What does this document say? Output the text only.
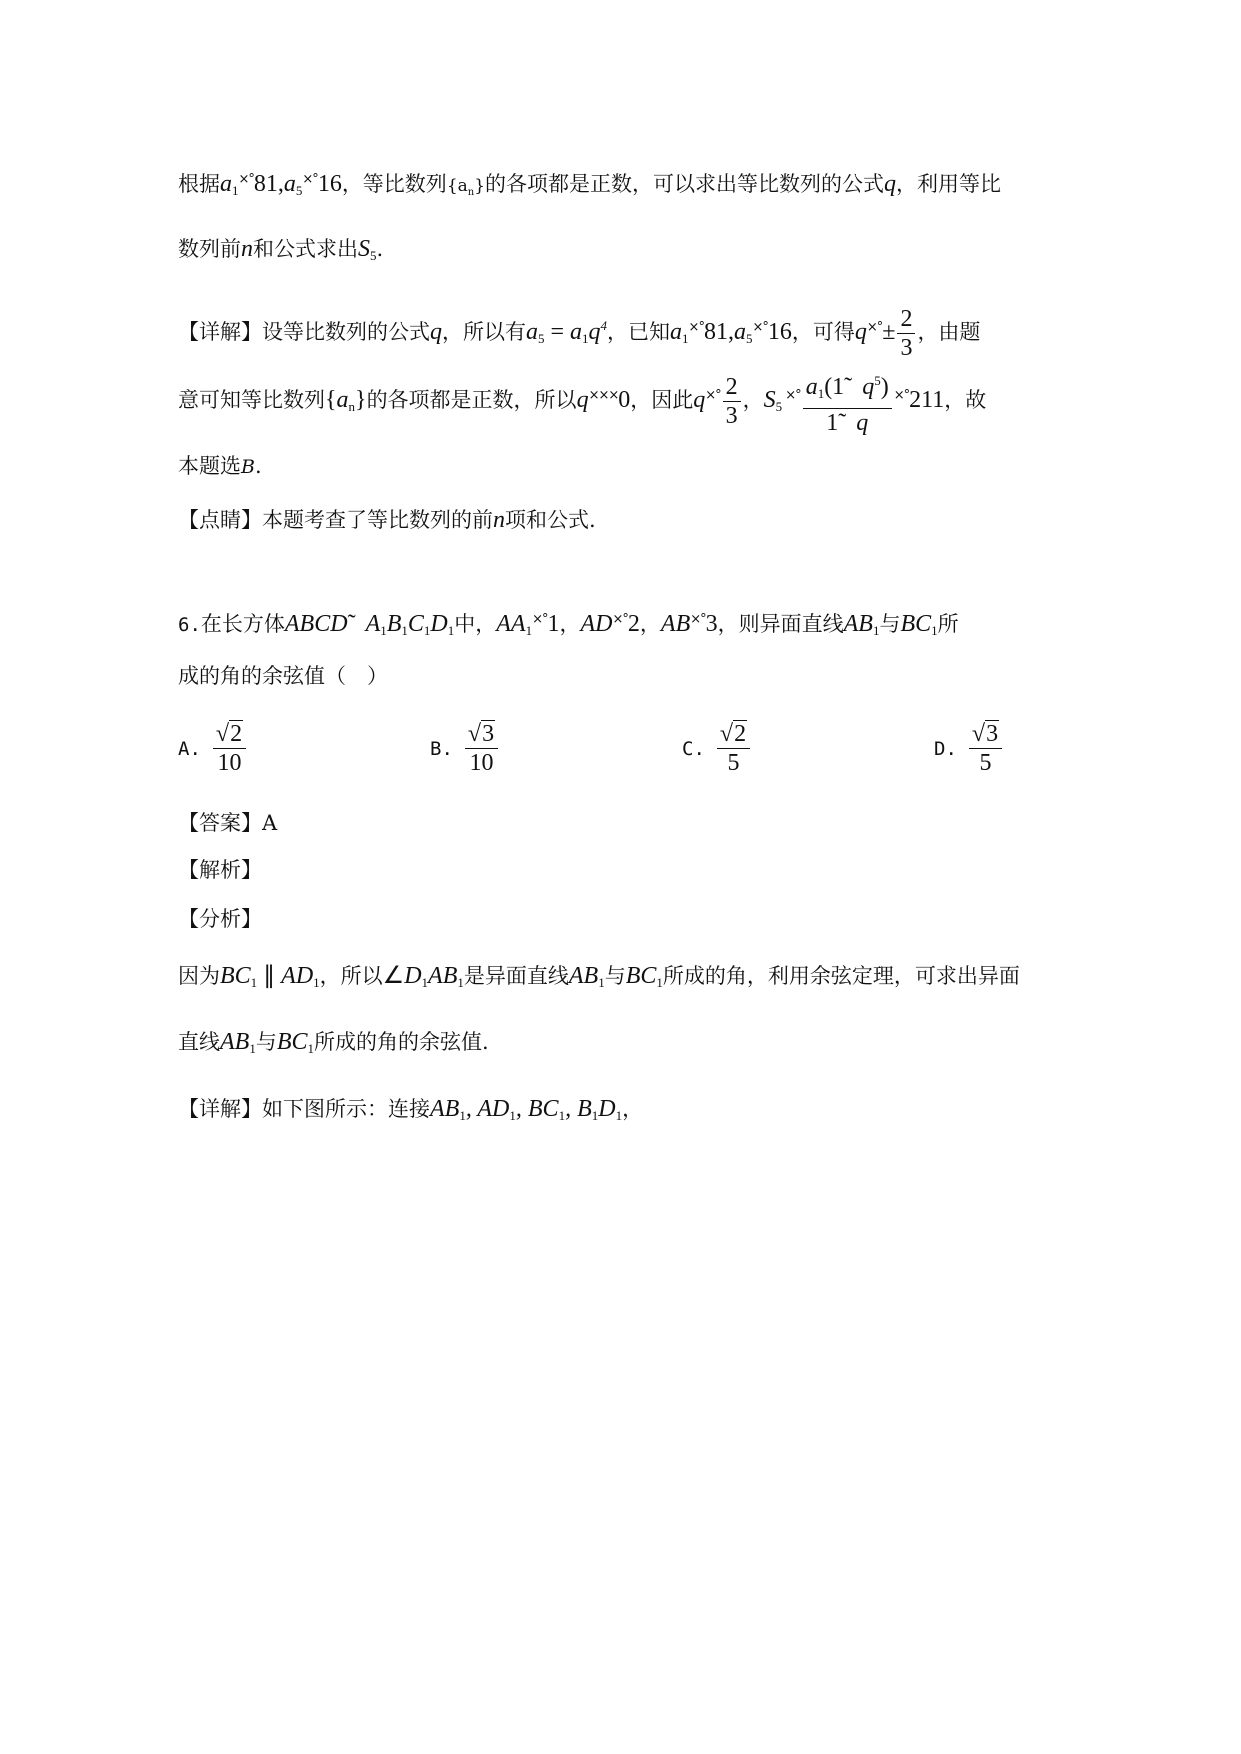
根据$a_1^{\times^\circ}81,a_5^{\times^\circ}16$，等比数列$\{a_n\}$的各项都是正数，可以求出等比数列的公式q，利用等比
数列前n和公式求出$S_5$.
【详解】设等比数列的公式q，所以有$a_5 = a_1q^4$，已知$a_1^{\times^\circ}81,a_5^{\times^\circ}16$，可得$q^{\times^\circ}\pm \frac{2}{3}$ ，由题
意可知等比数列$\{a_n\}$的各项都是正数，所以q×××0，因此$q^{\times^\circ} \frac{2}{3}$ ，$S_5$ $^{\times^\circ} \frac{a_1(1̃ q^5)}{1̃ q} ^{\times^\circ}211$，故
本题选B.
【点睛】本题考查了等比数列的前n项和公式.
6.在长方体ABCD̃   $A_1B_1C_1D_1$中，$AA_1^{\times^\circ}1$，AD×°2，AB×°3，则异面直线$AB_1$与$BC_1$所
成的角的余弦值（　）
A. $\frac{√2}{10}$	B. $\frac{√3}{10}$	C. $\frac{√2}{5}$	D. $\frac{√3}{5}$
【答案】A
【解析】
【分析】
因为$BC_1$ ∥ $AD_1$，所以$\angle D_1AB_1$是异面直线$AB_1$与$BC_1$所成的角，利用余弦定理，可求出异面
直线$AB_1$与$BC_1$所成的角的余弦值.
【详解】如下图所示：连接$AB_1$, $AD_1$, $BC_1$, $B_1D_1$，
